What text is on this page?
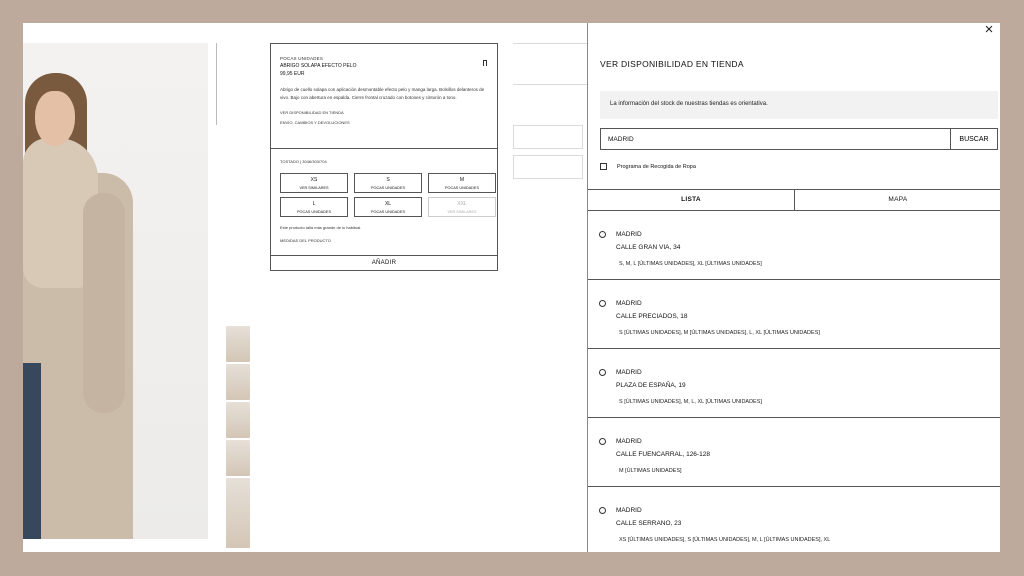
POCAS UNIDADES
ABRIGO SOLAPA EFECTO PELO
99,95 EUR
Abrigo de cuello solapa con aplicación desmontable efecto pelo y manga larga. Bolsillos delanteros de vivo. Bajo con abertura en espalda. Cierre frontal cruzado con botones y cinturón a tono.
VER DISPONIBILIDAD EN TIENDA
ENVÍO, CAMBIOS Y DEVOLUCIONES
TOSTADO | 3046/303/704
XS
VER SIMILARES
S
POCAS UNIDADES
M
POCAS UNIDADES
L
POCAS UNIDADES
XL
POCAS UNIDADES
XXL
VER SIMILARES
Este producto talla más grande de lo habitual.
MEDIDAS DEL PRODUCTO
AÑADIR
×
VER DISPONIBILIDAD EN TIENDA
La información del stock de nuestras tiendas es orientativa.
MADRID
BUSCAR
Programa de Recogida de Ropa
LISTA	MAPA
MADRID
CALLE GRAN VIA, 34
S, M, L [ÚLTIMAS UNIDADES], XL [ÚLTIMAS UNIDADES]
MADRID
CALLE PRECIADOS, 18
S [ÚLTIMAS UNIDADES], M [ÚLTIMAS UNIDADES], L, XL [ÚLTIMAS UNIDADES]
MADRID
PLAZA DE ESPAÑA, 19
S [ÚLTIMAS UNIDADES], M, L, XL [ÚLTIMAS UNIDADES]
MADRID
CALLE FUENCARRAL, 126-128
M [ÚLTIMAS UNIDADES]
MADRID
CALLE SERRANO, 23
XS [ÚLTIMAS UNIDADES], S [ÚLTIMAS UNIDADES], M, L [ÚLTIMAS UNIDADES], XL
